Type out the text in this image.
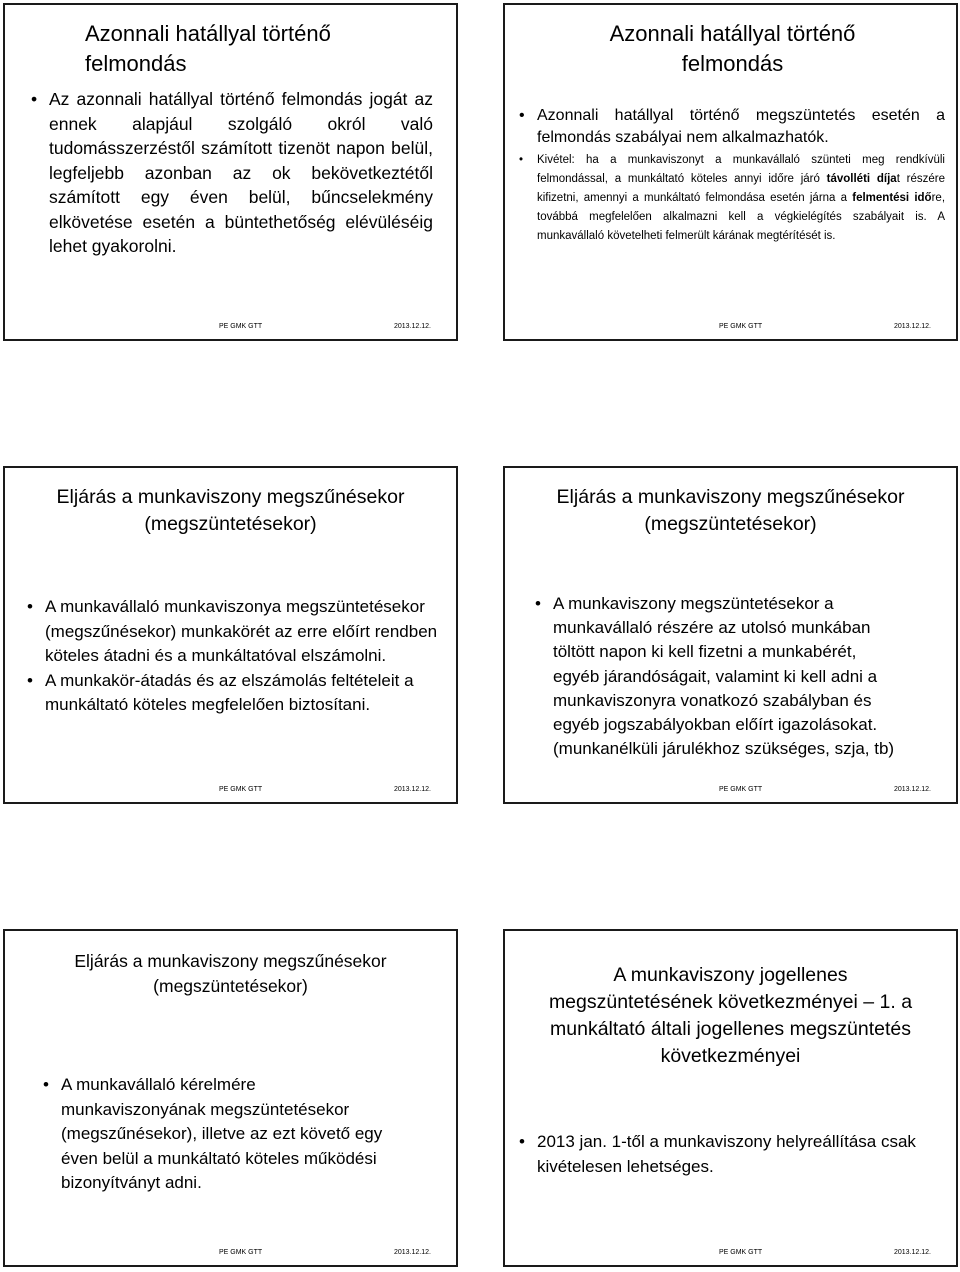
Azonnali hatállyal történő felmondás
• Az azonnali hatállyal történő felmondás jogát az ennek alapjául szolgáló okról való tudomásszerzéstől számított tizenöt napon belül, legfeljebb azonban az ok bekövetkeztétől számított egy éven belül, bűncselekmény elkövetése esetén a büntethetőség elévüléséig lehet gyakorolni.
PE GMK GTT	2013.12.12.
Azonnali hatállyal történő felmondás
• Azonnali hatállyal történő megszüntetés esetén a felmondás szabályai nem alkalmazhatók.
• Kivétel: ha a munkaviszonyt a munkavállaló szünteti meg rendkívüli felmondással, a munkáltató köteles annyi időre járó távolléti díjat részére kifizetni, amennyi a munkáltató felmondása esetén járna a felmentési időre, továbbá megfelelően alkalmazni kell a végkielégítés szabályait is. A munkavállaló követelheti felmerült kárának megtérítését is.
PE GMK GTT	2013.12.12.
Eljárás a munkaviszony megszűnésekor (megszüntetésekor)
• A munkavállaló munkaviszonya megszüntetésekor (megszűnésekor) munkakörét az erre előírt rendben köteles átadni és a munkáltatóval elszámolni.
• A munkakör-átadás és az elszámolás feltételeit a munkáltató köteles megfelelően biztosítani.
PE GMK GTT	2013.12.12.
Eljárás a munkaviszony megszűnésekor (megszüntetésekor)
• A munkaviszony megszüntetésekor a munkavállaló részére az utolsó munkában töltött napon ki kell fizetni a munkabérét, egyéb járandóságait, valamint ki kell adni a munkaviszonyra vonatkozó szabályban és egyéb jogszabályokban előírt igazolásokat. (munkanélküli járulékhoz szükséges, szja, tb)
PE GMK GTT	2013.12.12.
Eljárás a munkaviszony megszűnésekor (megszüntetésekor)
• A munkavállaló kérelmére munkaviszonyának megszüntetésekor (megszűnésekor), illetve az ezt követő egy éven belül a munkáltató köteles működési bizonyítványt adni.
PE GMK GTT	2013.12.12.
A munkaviszony jogellenes megszüntetésének következményei – 1. a munkáltató általi jogellenes megszüntetés következményei
• 2013 jan. 1-től a munkaviszony helyreállítása csak kivételesen lehetséges.
PE GMK GTT	2013.12.12.
